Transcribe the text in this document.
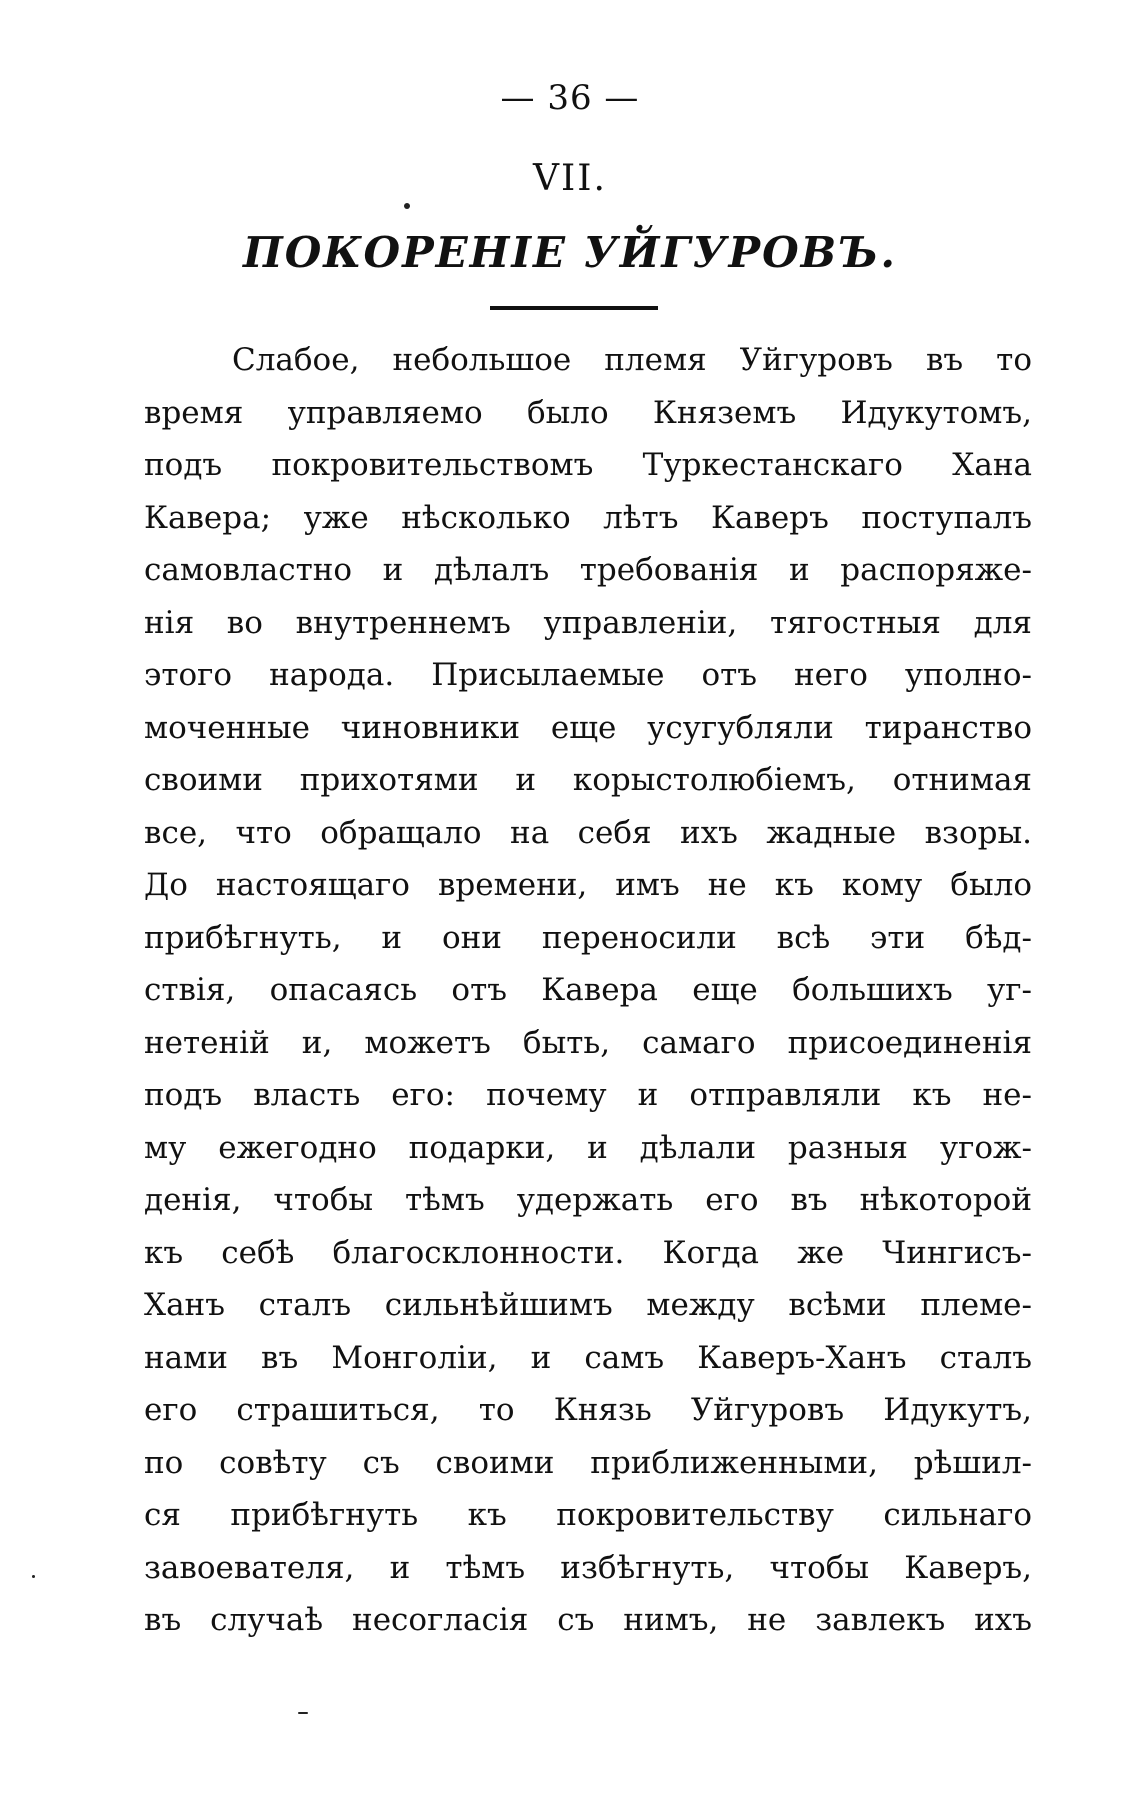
— 36 —
VII.
ПОКОРЕНІЕ УЙГУРОВЪ.
Слабое, небольшое племя Уйгуровъ въ то
время управляемо было Княземъ Идукутомъ,
подъ покровительствомъ Туркестанскаго Хана
Кавера; уже нѣсколько лѣтъ Каверъ поступалъ
самовластно и дѣлалъ требованія и распоряже-
нія во внутреннемъ управленіи, тягостныя для
этого народа. Присылаемые отъ него уполно-
моченные чиновники еще усугубляли тиранство
своими прихотями и корыстолюбіемъ, отнимая
все, что обращало на себя ихъ жадные взоры.
До настоящаго времени, имъ не къ кому было
прибѣгнуть, и они переносили всѣ эти бѣд-
ствія, опасаясь отъ Кавера еще большихъ уг-
нетеній и, можетъ быть, самаго присоединенія
подъ власть его: почему и отправляли къ не-
му ежегодно подарки, и дѣлали разныя угож-
денія, чтобы тѣмъ удержать его въ нѣкоторой
къ себѣ благосклонности. Когда же Чингисъ-
Ханъ сталъ сильнѣйшимъ между всѣми племе-
нами въ Монголіи, и самъ Каверъ-Ханъ сталъ
его страшиться, то Князь Уйгуровъ Идукутъ,
по совѣту съ своими приближенными, рѣшил-
ся прибѣгнуть къ покровительству сильнаго
завоевателя, и тѣмъ избѣгнуть, чтобы Каверъ,
въ случаѣ несогласія съ нимъ, не завлекъ ихъ
